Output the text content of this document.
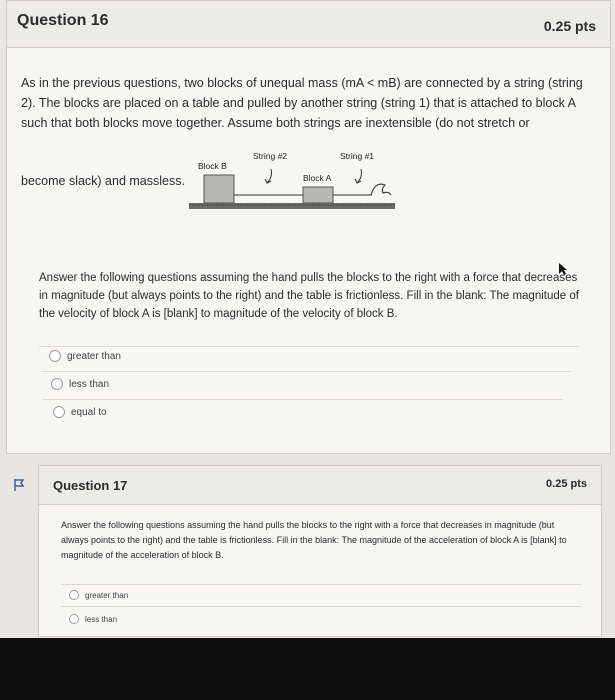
Question 16	0.25 pts
As in the previous questions, two blocks of unequal mass (mA < mB) are connected by a string (string 2). The blocks are placed on a table and pulled by another string (string 1) that is attached to block A such that both blocks move together. Assume both strings are inextensible (do not stretch or
become slack) and massless.
Block B
String #2	String #1
Block A
Answer the following questions assuming the hand pulls the blocks to the right with a force that decreases in magnitude (but always points to the right) and the table is frictionless. Fill in the blank: The magnitude of the velocity of block A is [blank] to magnitude of the velocity of block B.
greater than
less than
equal to
Question 17	0.25 pts
Answer the following questions assuming the hand pulls the blocks to the right with a force that decreases in magnitude (but always points to the right) and the table is frictionless. Fill in the blank: The magnitude of the acceleration of block A is [blank] to magnitude of the acceleration of block B.
greater than
less than
